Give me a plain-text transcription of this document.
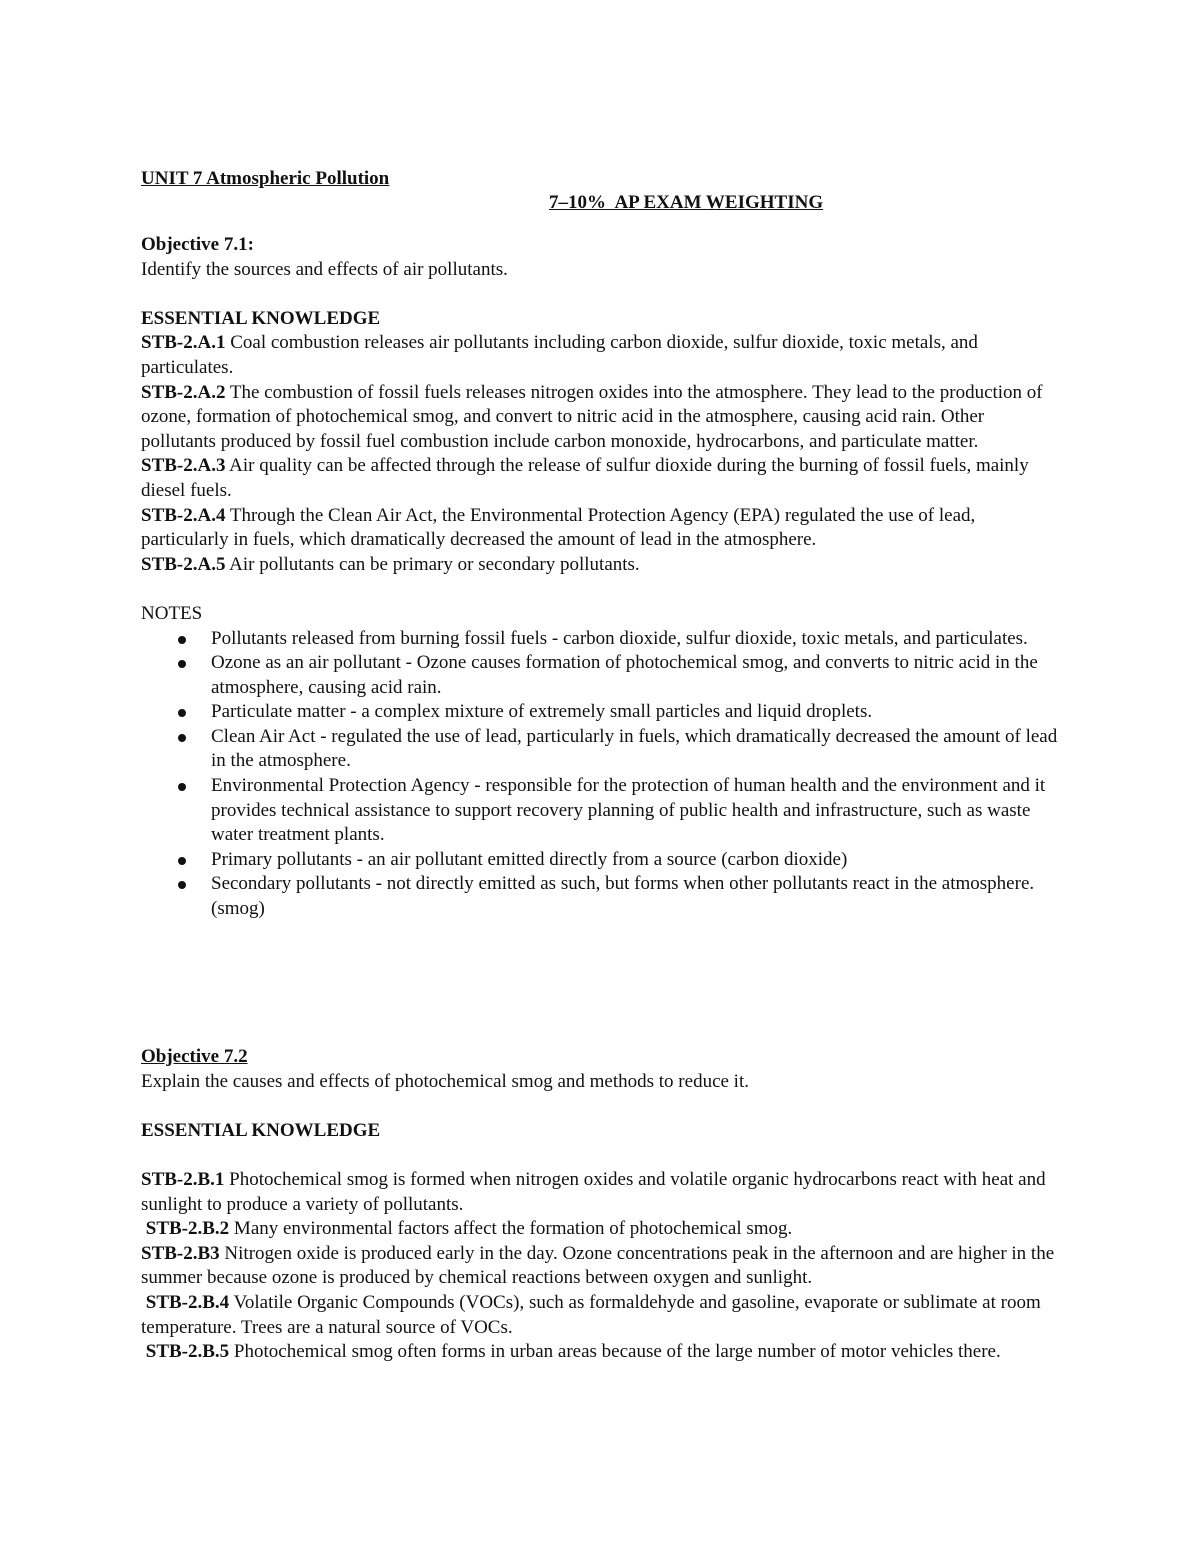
UNIT 7 Atmospheric Pollution

7–10%  AP EXAM WEIGHTING

Objective 7.1:

Identify the sources and effects of air pollutants.

ESSENTIAL KNOWLEDGE

STB-2.A.1 Coal combustion releases air pollutants including carbon dioxide, sulfur dioxide, toxic metals, and particulates.

STB-2.A.2 The combustion of fossil fuels releases nitrogen oxides into the atmosphere. They lead to the production of ozone, formation of photochemical smog, and convert to nitric acid in the atmosphere, causing acid rain. Other pollutants produced by fossil fuel combustion include carbon monoxide, hydrocarbons, and particulate matter.

STB-2.A.3 Air quality can be affected through the release of sulfur dioxide during the burning of fossil fuels, mainly diesel fuels.

STB-2.A.4 Through the Clean Air Act, the Environmental Protection Agency (EPA) regulated the use of lead, particularly in fuels, which dramatically decreased the amount of lead in the atmosphere.

STB-2.A.5 Air pollutants can be primary or secondary pollutants.

NOTES

Pollutants released from burning fossil fuels - carbon dioxide, sulfur dioxide, toxic metals, and particulates.
Ozone as an air pollutant - Ozone causes formation of photochemical smog, and converts to nitric acid in the atmosphere, causing acid rain.
Particulate matter - a complex mixture of extremely small particles and liquid droplets.
Clean Air Act - regulated the use of lead, particularly in fuels, which dramatically decreased the amount of lead in the atmosphere.
Environmental Protection Agency - responsible for the protection of human health and the environment and it provides technical assistance to support recovery planning of public health and infrastructure, such as waste water treatment plants.
Primary pollutants - an air pollutant emitted directly from a source (carbon dioxide)
Secondary pollutants - not directly emitted as such, but forms when other pollutants react in the atmosphere. (smog)

Objective 7.2

Explain the causes and effects of photochemical smog and methods to reduce it.

ESSENTIAL KNOWLEDGE

STB-2.B.1 Photochemical smog is formed when nitrogen oxides and volatile organic hydrocarbons react with heat and sunlight to produce a variety of pollutants.

STB-2.B.2 Many environmental factors affect the formation of photochemical smog.

STB-2.B3 Nitrogen oxide is produced early in the day. Ozone concentrations peak in the afternoon and are higher in the summer because ozone is produced by chemical reactions between oxygen and sunlight.

STB-2.B.4 Volatile Organic Compounds (VOCs), such as formaldehyde and gasoline, evaporate or sublimate at room temperature. Trees are a natural source of VOCs.

STB-2.B.5 Photochemical smog often forms in urban areas because of the large number of motor vehicles there.
